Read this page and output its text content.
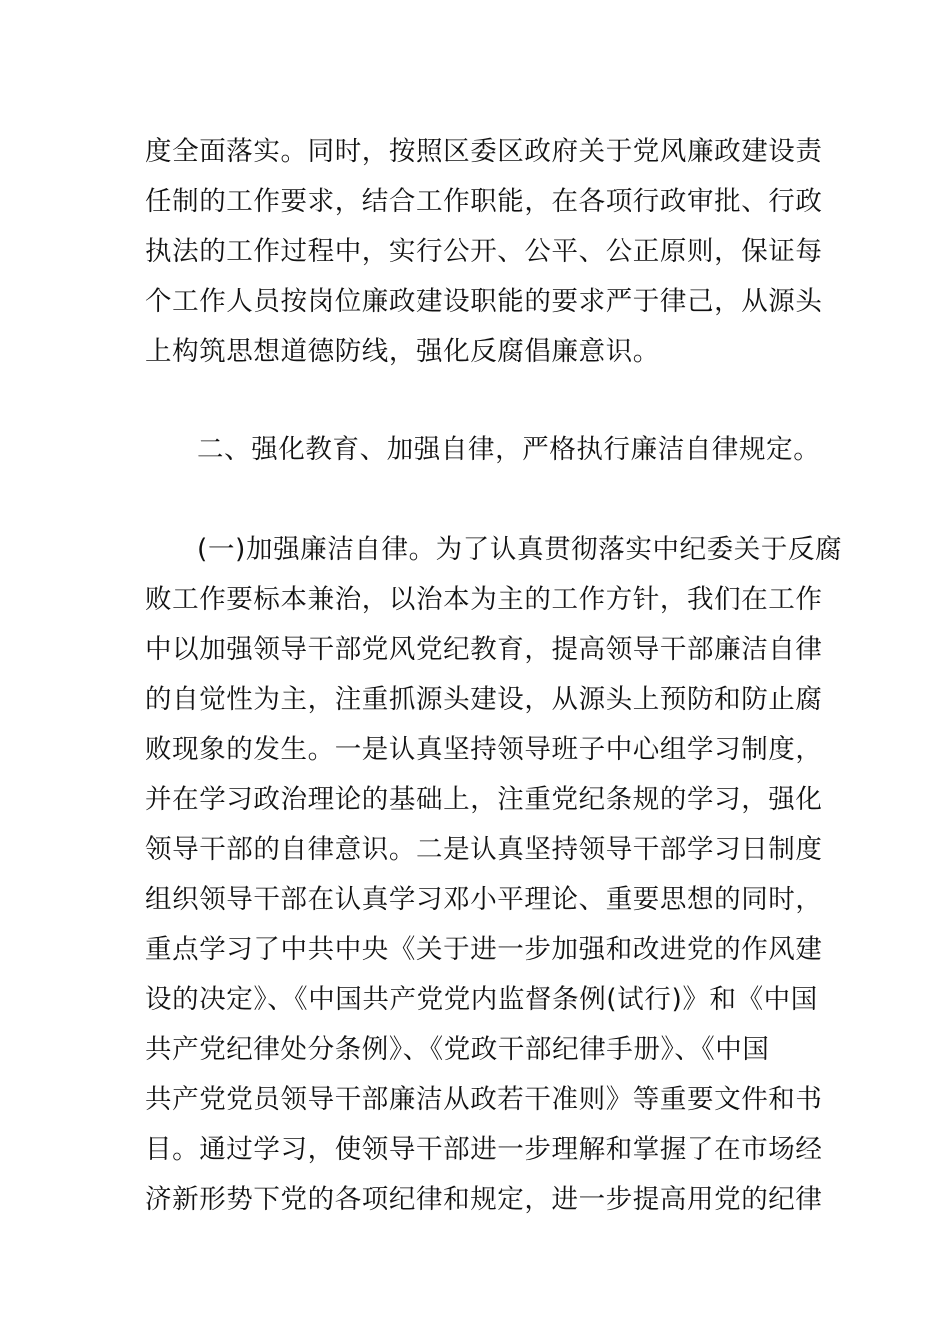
度全面落实。同时，按照区委区政府关于党风廉政建设责
任制的工作要求，结合工作职能，在各项行政审批、行政
执法的工作过程中，实行公开、公平、公正原则，保证每
个工作人员按岗位廉政建设职能的要求严于律己，从源头
上构筑思想道德防线，强化反腐倡廉意识。
二、强化教育、加强自律，严格执行廉洁自律规定。
(一)加强廉洁自律。为了认真贯彻落实中纪委关于反腐
败工作要标本兼治，以治本为主的工作方针，我们在工作
中以加强领导干部党风党纪教育，提高领导干部廉洁自律
的自觉性为主，注重抓源头建设，从源头上预防和防止腐
败现象的发生。一是认真坚持领导班子中心组学习制度，
并在学习政治理论的基础上，注重党纪条规的学习，强化
领导干部的自律意识。二是认真坚持领导干部学习日制度
组织领导干部在认真学习邓小平理论、重要思想的同时，
重点学习了中共中央《关于进一步加强和改进党的作风建
设的决定》、《中国共产党党内监督条例(试行)》和《中国
共产党纪律处分条例》、《党政干部纪律手册》、《中国
共产党党员领导干部廉洁从政若干准则》等重要文件和书
目。通过学习，使领导干部进一步理解和掌握了在市场经
济新形势下党的各项纪律和规定，进一步提高用党的纪律
